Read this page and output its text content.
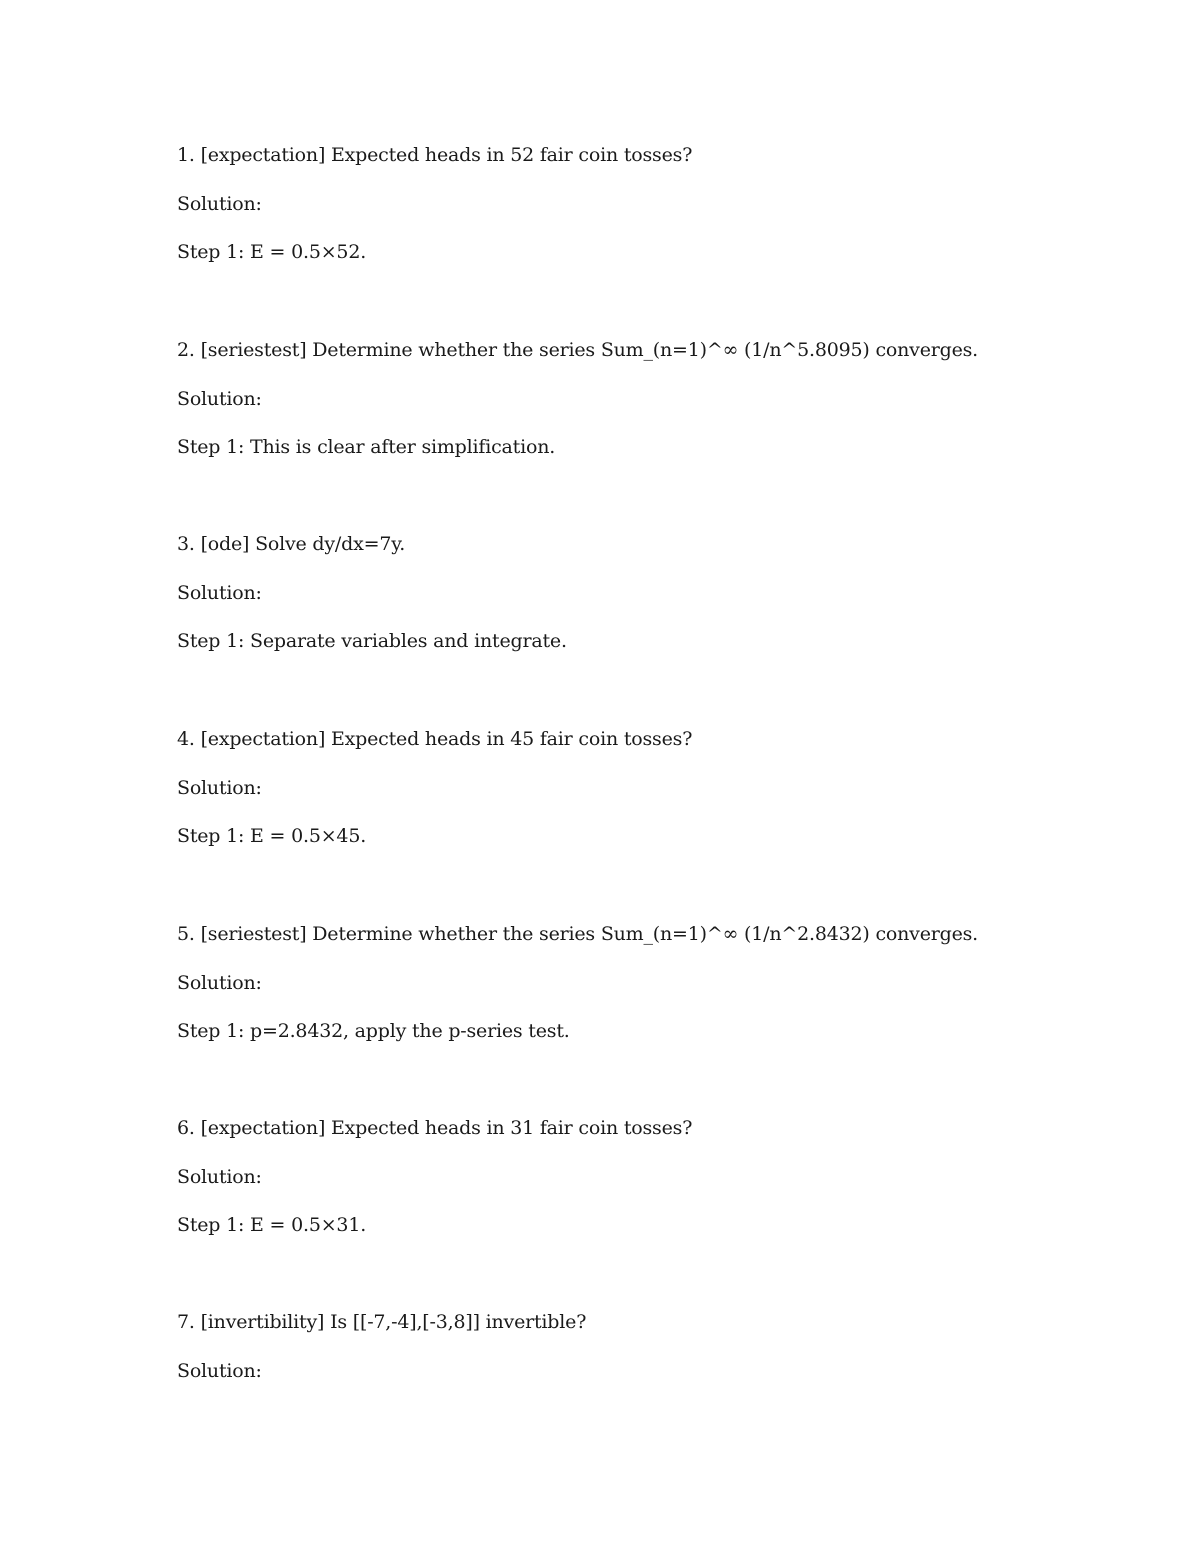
1. [expectation] Expected heads in 52 fair coin tosses?
Solution:
Step 1: E = 0.5×52.
2. [seriestest] Determine whether the series Sum_(n=1)^∞ (1/n^5.8095) converges.
Solution:
Step 1: This is clear after simplification.
3. [ode] Solve dy/dx=7y.
Solution:
Step 1: Separate variables and integrate.
4. [expectation] Expected heads in 45 fair coin tosses?
Solution:
Step 1: E = 0.5×45.
5. [seriestest] Determine whether the series Sum_(n=1)^∞ (1/n^2.8432) converges.
Solution:
Step 1: p=2.8432, apply the p-series test.
6. [expectation] Expected heads in 31 fair coin tosses?
Solution:
Step 1: E = 0.5×31.
7. [invertibility] Is [[-7,-4],[-3,8]] invertible?
Solution:
